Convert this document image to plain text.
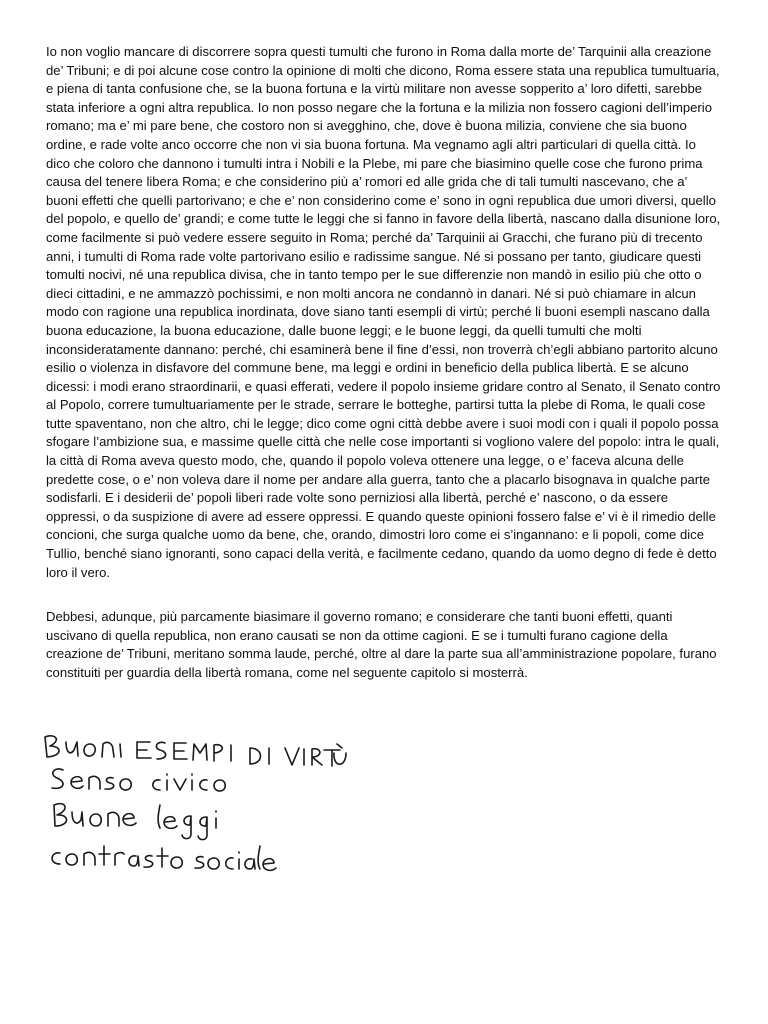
Io non voglio mancare di discorrere sopra questi tumulti che furono in Roma dalla morte de’ Tarquinii alla creazione de’ Tribuni; e di poi alcune cose contro la opinione di molti che dicono, Roma essere stata una republica tumultuaria, e piena di tanta confusione che, se la buona fortuna e la virtù militare non avesse sopperito a’ loro difetti, sarebbe stata inferiore a ogni altra republica. Io non posso negare che la fortuna e la milizia non fossero cagioni dell’imperio romano; ma e’ mi pare bene, che costoro non si avegghino, che, dove è buona milizia, conviene che sia buono ordine, e rade volte anco occorre che non vi sia buona fortuna. Ma vegnamo agli altri particulari di quella città. Io dico che coloro che dannono i tumulti intra i Nobili e la Plebe, mi pare che biasimino quelle cose che furono prima causa del tenere libera Roma; e che considerino più a’ romori ed alle grida che di tali tumulti nascevano, che a’ buoni effetti che quelli partorivano; e che e’ non considerino come e’ sono in ogni republica due umori diversi, quello del popolo, e quello de’ grandi; e come tutte le leggi che si fanno in favore della libertà, nascano dalla disunione loro, come facilmente si può vedere essere seguito in Roma; perché da’ Tarquinii ai Gracchi, che furano più di trecento anni, i tumulti di Roma rade volte partorivano esilio e radissime sangue. Né si possano per tanto, giudicare questi tomulti nocivi, né una republica divisa, che in tanto tempo per le sue differenzie non mandò in esilio più che otto o dieci cittadini, e ne ammazzò pochissimi, e non molti ancora ne condannò in danari. Né si può chiamare in alcun modo con ragione una republica inordinata, dove siano tanti esempli di virtù; perché li buoni esempli nascano dalla buona educazione, la buona educazione, dalle buone leggi; e le buone leggi, da quelli tumulti che molti inconsideratamente dannano: perché, chi esaminerà bene il fine d’essi, non troverrà ch’egli abbiano partorito alcuno esilio o violenza in disfavore del commune bene, ma leggi e ordini in beneficio della publica libertà. E se alcuno dicessi: i modi erano straordinarii, e quasi efferati, vedere il popolo insieme gridare contro al Senato, il Senato contro al Popolo, correre tumultuariamente per le strade, serrare le botteghe, partirsi tutta la plebe di Roma, le quali cose tutte spaventano, non che altro, chi le legge; dico come ogni città debbe avere i suoi modi con i quali il popolo possa sfogare l’ambizione sua, e massime quelle città che nelle cose importanti si vogliono valere del popolo: intra le quali, la città di Roma aveva questo modo, che, quando il popolo voleva ottenere una legge, o e’ faceva alcuna delle predette cose, o e’ non voleva dare il nome per andare alla guerra, tanto che a placarlo bisognava in qualche parte sodisfarli. E i desiderii de’ popoli liberi rade volte sono perniziosi alla libertà, perché e’ nascono, o da essere oppressi, o da suspizione di avere ad essere oppressi. E quando queste opinioni fossero false e’ vi è il rimedio delle concioni, che surga qualche uomo da bene, che, orando, dimostri loro come ei s’ingannano: e li popoli, come dice Tullio, benché siano ignoranti, sono capaci della verità, e facilmente cedano, quando da uomo degno di fede è detto loro il vero.

Debbesi, adunque, più parcamente biasimare il governo romano; e considerare che tanti buoni effetti, quanti uscivano di quella republica, non erano causati se non da ottime cagioni. E se i tumulti furano cagione della creazione de’ Tribuni, meritano somma laude, perché, oltre al dare la parte sua all’amministrazione popolare, furano constituiti per guardia della libertà romana, come nel seguente capitolo si mosterrà.
